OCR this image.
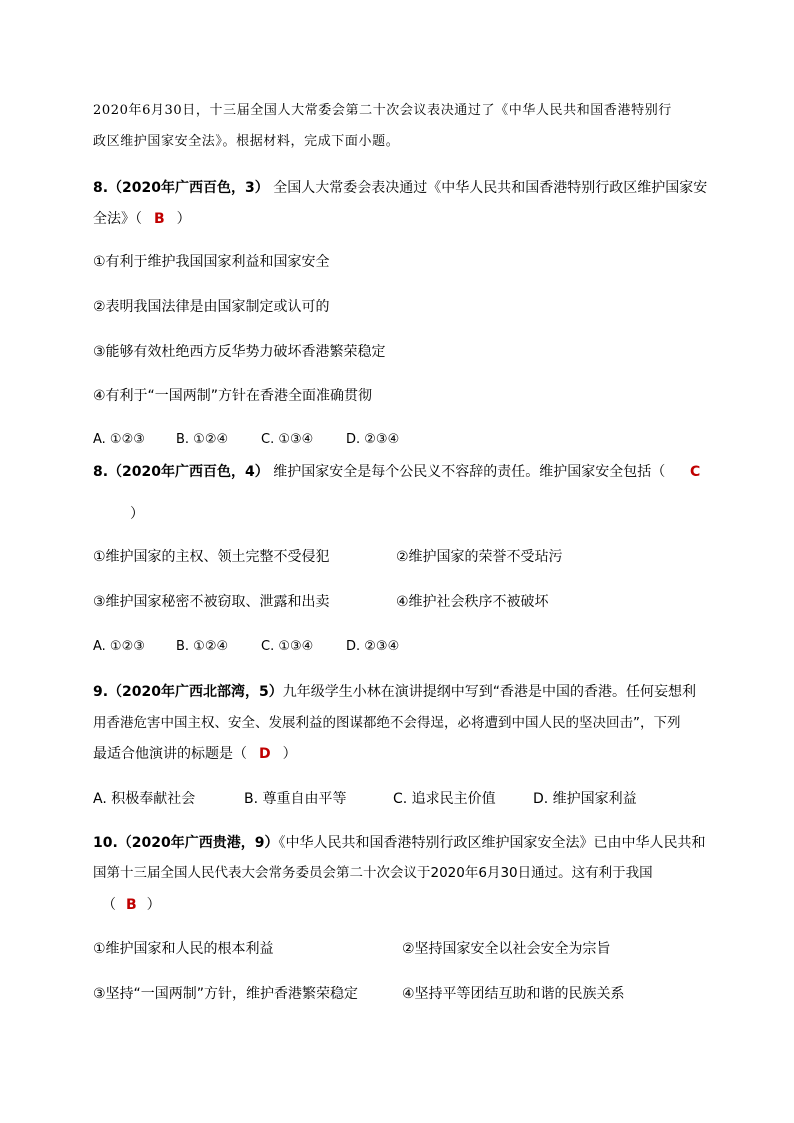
2020年6月30日，十三届全国人大常委会第二十次会议表决通过了《中华人民共和国香港特别行
政区维护国家安全法》。根据材料，完成下面小题。
8.（2020年广西百色，3） 全国人大常委会表决通过《中华人民共和国香港特别行政区维护国家安
全法》（ B ）
①有利于维护我国国家利益和国家安全
②表明我国法律是由国家制定或认可的
③能够有效杜绝西方反华势力破坏香港繁荣稳定
④有利于“一国两制”方针在香港全面准确贯彻
A. ①②③ B. ①②④	C. ①③④	D. ②③④
8.（2020年广西百色，4） 维护国家安全是每个公民义不容辞的责任。维护国家安全包括（ C
）
①维护国家的主权、领土完整不受侵犯	②维护国家的荣誉不受玷污
③维护国家秘密不被窃取、泄露和出卖	④维护社会秩序不被破坏
A. ①②③ B. ①②④	C. ①③④	D. ②③④
9.（2020年广西北部湾，5）九年级学生小林在演讲提纲中写到“香港是中国的香港。任何妄想利
用香港危害中国主权、安全、发展利益的图谋都绝不会得逞，必将遭到中国人民的坚决回击”，下列
最适合他演讲的标题是（ D ）
A. 积极奉献社会	B. 尊重自由平等	C. 追求民主价值	D. 维护国家利益
10.（2020年广西贵港，9）《中华人民共和国香港特别行政区维护国家安全法》已由中华人民共和
国第十三届全国人民代表大会常务委员会第二十次会议于2020年6月30日通过。这有利于我国
（ B ）
①维护国家和人民的根本利益	②坚持国家安全以社会安全为宗旨
③坚持“一国两制”方针，维护香港繁荣稳定	④坚持平等团结互助和谐的民族关系
